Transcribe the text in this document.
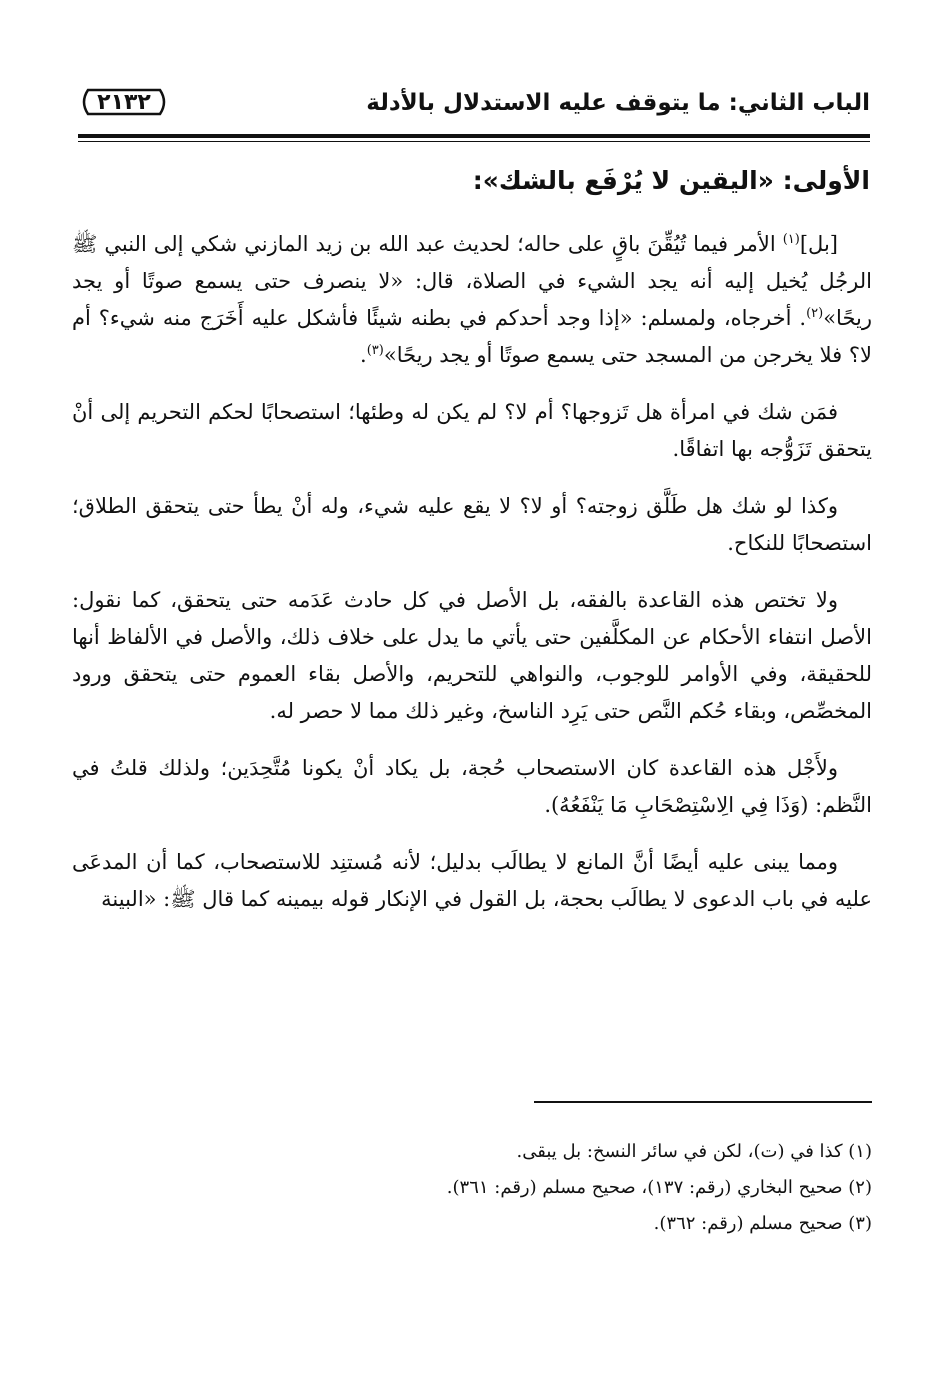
الباب الثاني: ما يتوقف عليه الاستدلال بالأدلة
٢١٣٢
الأولى: «اليقين لا يُرْفَع بالشك»:

[بل]$^{(١)}$ الأمر فيما تُيُقِّنَ باقٍ على حاله؛ لحديث عبد الله بن زيد المازني شكي إلى النبي ﷺ الرجُل يُخيل إليه أنه يجد الشيء في الصلاة، قال: «لا ينصرف حتى يسمع صوتًا أو يجد ريحًا»$^{(٢)}$. أخرجاه، ولمسلم: «إذا وجد أحدكم في بطنه شيئًا فأشكل عليه أَخَرَج منه شيء؟ أم لا؟ فلا يخرجن من المسجد حتى يسمع صوتًا أو يجد ريحًا»$^{(٣)}$.

فمَن شك في امرأة هل تَزوجها؟ أم لا؟ لم يكن له وطئها؛ استصحابًا لحكم التحريم إلى أنْ يتحقق تَزَوُّجه بها اتفاقًا.

وكذا لو شك هل طَلَّق زوجته؟ أو لا؟ لا يقع عليه شيء، وله أنْ يطأ حتى يتحقق الطلاق؛ استصحابًا للنكاح.

ولا تختص هذه القاعدة بالفقه، بل الأصل في كل حادث عَدَمه حتى يتحقق، كما نقول: الأصل انتفاء الأحكام عن المكلَّفين حتى يأتي ما يدل على خلاف ذلك، والأصل في الألفاظ أنها للحقيقة، وفي الأوامر للوجوب، والنواهي للتحريم، والأصل بقاء العموم حتى يتحقق ورود المخصِّص، وبقاء حُكم النَّص حتى يَرِد الناسخ، وغير ذلك مما لا حصر له.

ولأَجْل هذه القاعدة كان الاستصحاب حُجة، بل يكاد أنْ يكونا مُتَّحِدَين؛ ولذلك قلتُ في النَّظم: (وَذَا فِي الِاسْتِصْحَابِ مَا يَنْفَعُهُ).

ومما يبنى عليه أيضًا أنَّ المانع لا يطالَب بدليل؛ لأنه مُستنِد للاستصحاب، كما أن المدعَى عليه في باب الدعوى لا يطالَب بحجة، بل القول في الإنكار قوله بيمينه كما قال ﷺ: «البينة

(١) كذا في (ت)، لكن في سائر النسخ: بل يبقى.

(٢) صحيح البخاري (رقم: ١٣٧)، صحيح مسلم (رقم: ٣٦١).

(٣) صحيح مسلم (رقم: ٣٦٢).
